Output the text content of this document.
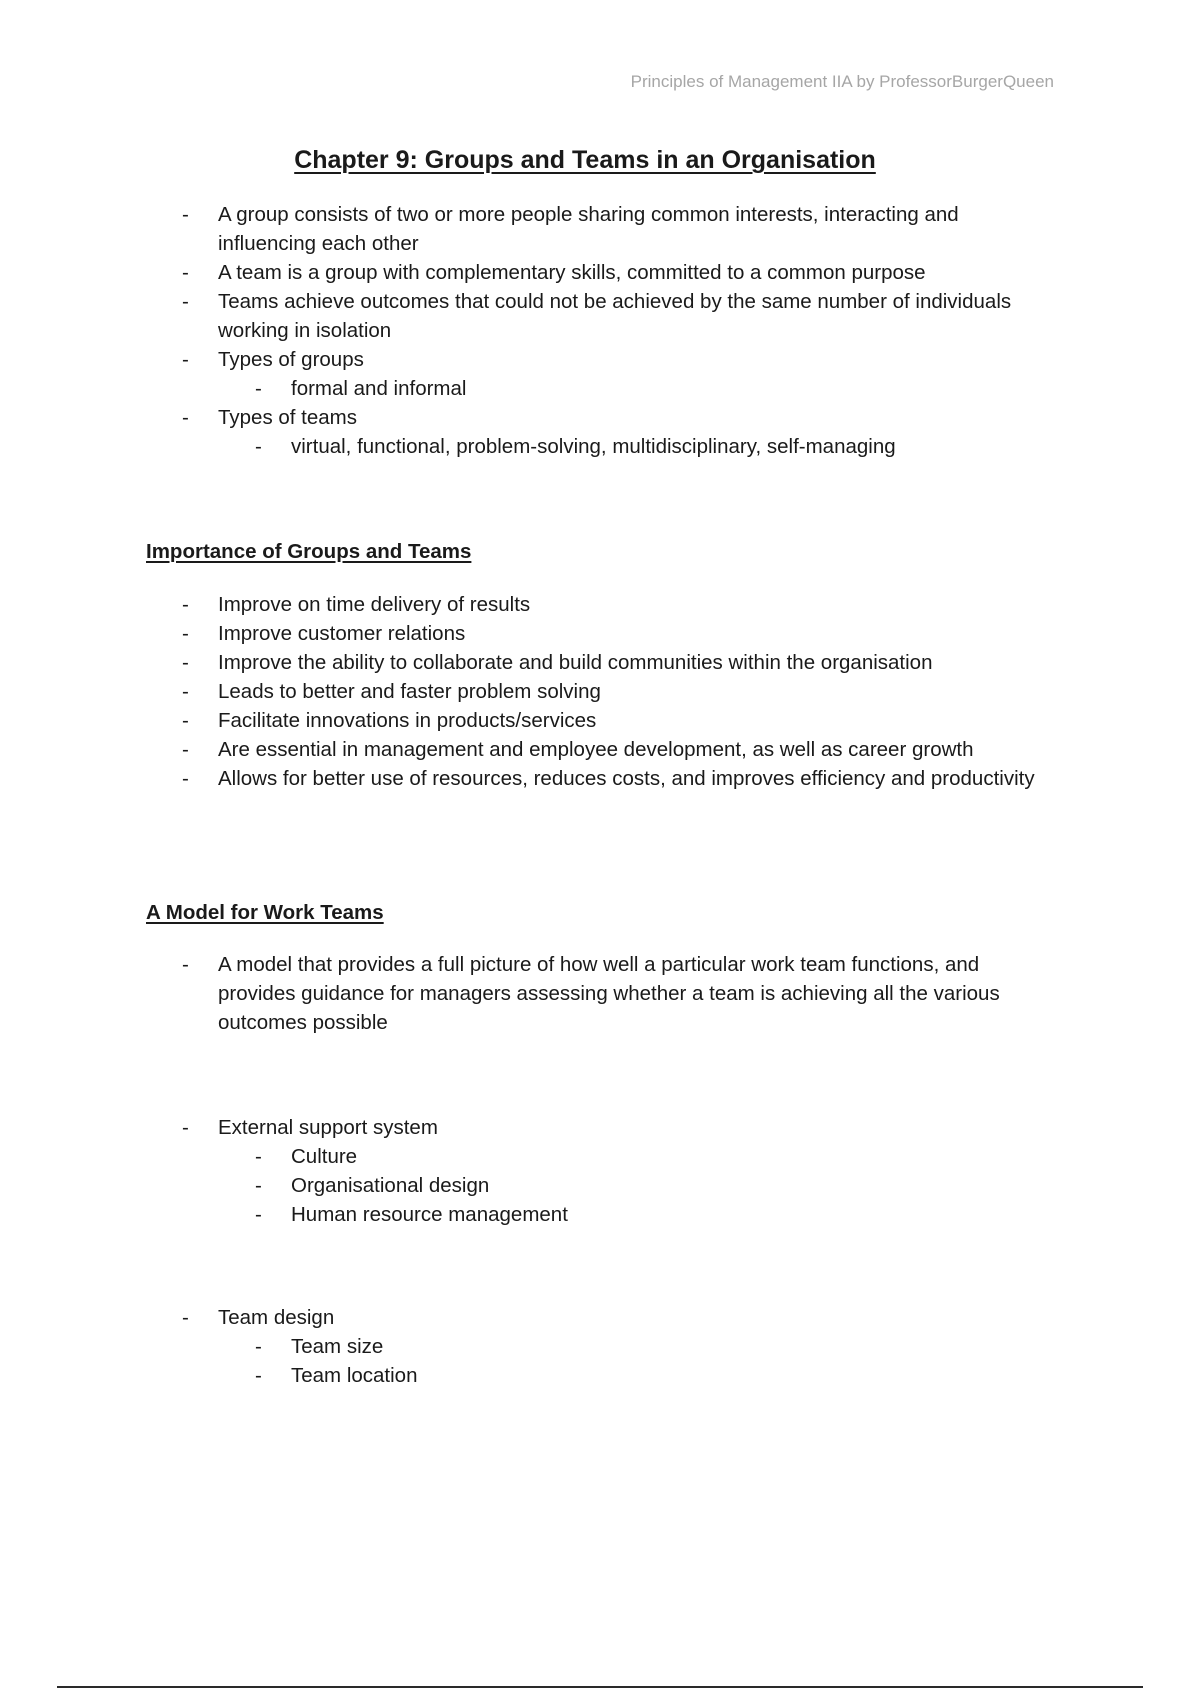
Principles of Management IIA by ProfessorBurgerQueen
Chapter 9: Groups and Teams in an Organisation
- A group consists of two or more people sharing common interests, interacting and influencing each other
- A team is a group with complementary skills, committed to a common purpose
- Teams achieve outcomes that could not be achieved by the same number of individuals working in isolation
- Types of groups
- formal and informal
- Types of teams
- virtual, functional, problem-solving, multidisciplinary, self-managing
Importance of Groups and Teams
- Improve on time delivery of results
- Improve customer relations
- Improve the ability to collaborate and build communities within the organisation
- Leads to better and faster problem solving
- Facilitate innovations in products/services
- Are essential in management and employee development, as well as career growth
- Allows for better use of resources, reduces costs, and improves efficiency and productivity
A Model for Work Teams
- A model that provides a full picture of how well a particular work team functions, and provides guidance for managers assessing whether a team is achieving all the various outcomes possible
- External support system
- Culture
- Organisational design
- Human resource management
- Team design
- Team size
- Team location
